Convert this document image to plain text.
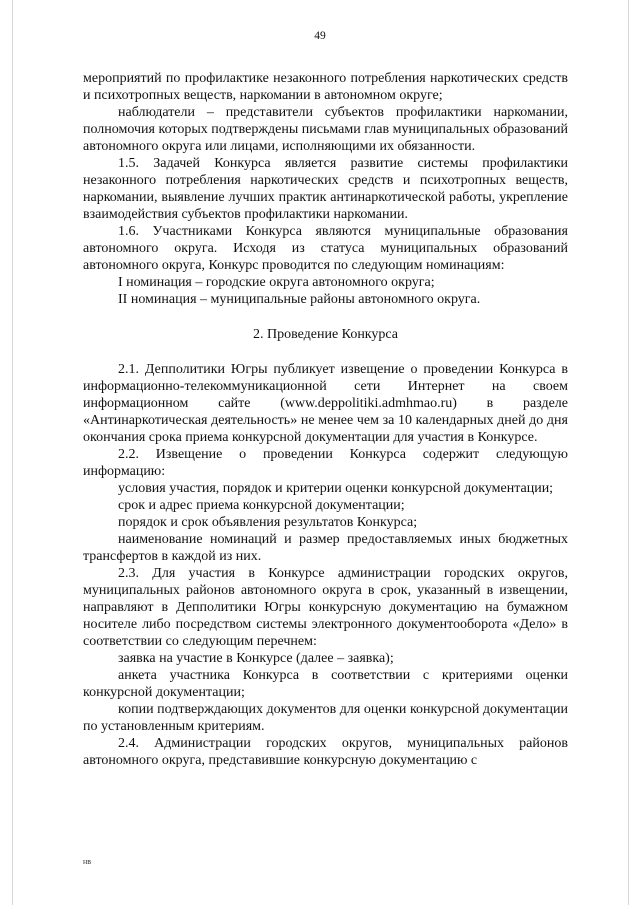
49

мероприятий по профилактике незаконного потребления наркотических средств и психотропных веществ, наркомании в автономном округе;

наблюдатели – представители субъектов профилактики наркомании, полномочия которых подтверждены письмами глав муниципальных образований автономного округа или лицами, исполняющими их обязанности.

1.5. Задачей Конкурса является развитие системы профилактики незаконного потребления наркотических средств и психотропных веществ, наркомании, выявление лучших практик антинаркотической работы, укрепление взаимодействия субъектов профилактики наркомании.

1.6. Участниками Конкурса являются муниципальные образования автономного округа. Исходя из статуса муниципальных образований автономного округа, Конкурс проводится по следующим номинациям:

I номинация – городские округа автономного округа;

II номинация – муниципальные районы автономного округа.

2. Проведение Конкурса

2.1. Депполитики Югры публикует извещение о проведении Конкурса в информационно-телекоммуникационной сети Интернет на своем информационном сайте (www.deppolitiki.admhmao.ru) в разделе «Антинаркотическая деятельность» не менее чем за 10 календарных дней до дня окончания срока приема конкурсной документации для участия в Конкурсе.

2.2. Извещение о проведении Конкурса содержит следующую информацию:

условия участия, порядок и критерии оценки конкурсной документации;

срок и адрес приема конкурсной документации;

порядок и срок объявления результатов Конкурса;

наименование номинаций и размер предоставляемых иных бюджетных трансфертов в каждой из них.

2.3. Для участия в Конкурсе администрации городских округов, муниципальных районов автономного округа в срок, указанный в извещении, направляют в Депполитики Югры конкурсную документацию на бумажном носителе либо посредством системы электронного документооборота «Дело» в соответствии со следующим перечнем:

заявка на участие в Конкурсе (далее – заявка);

анкета участника Конкурса в соответствии с критериями оценки конкурсной документации;

копии подтверждающих документов для оценки конкурсной документации по установленным критериям.

2.4. Администрации городских округов, муниципальных районов автономного округа, представившие конкурсную документацию с

нв
